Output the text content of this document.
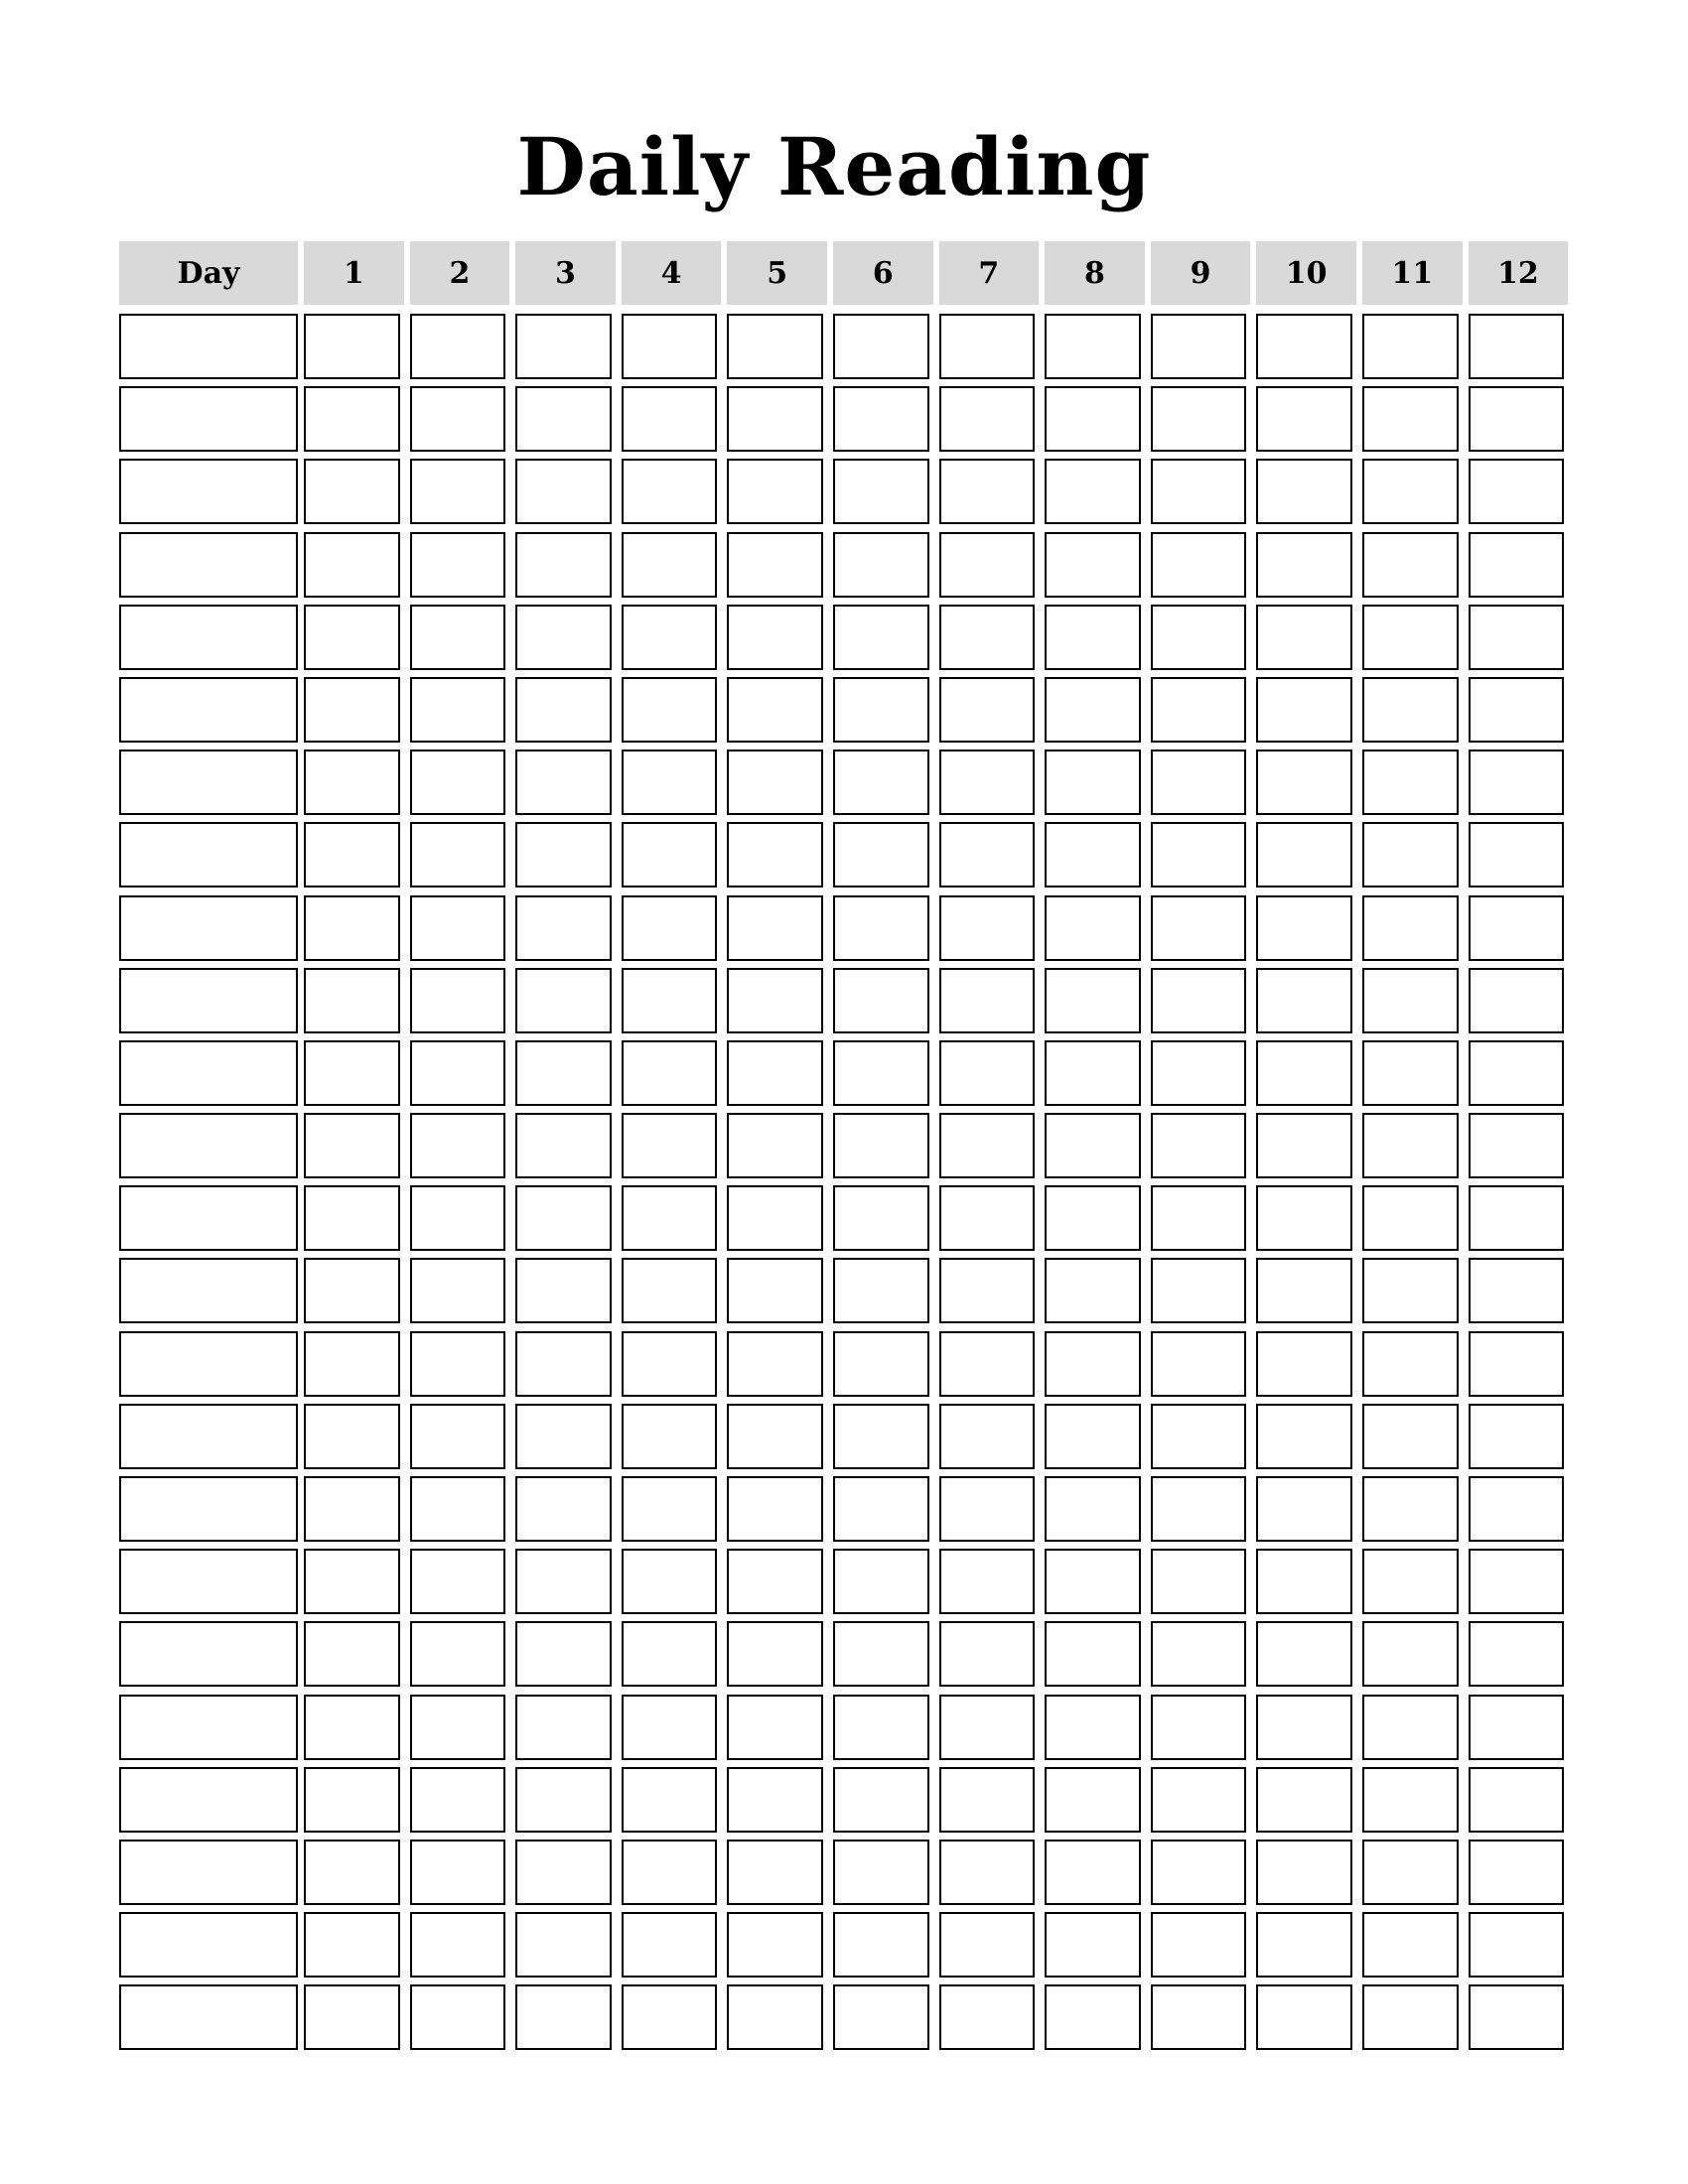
Daily Reading
Day	1	2	3	4	5	6	7	8	9	10	11	12
